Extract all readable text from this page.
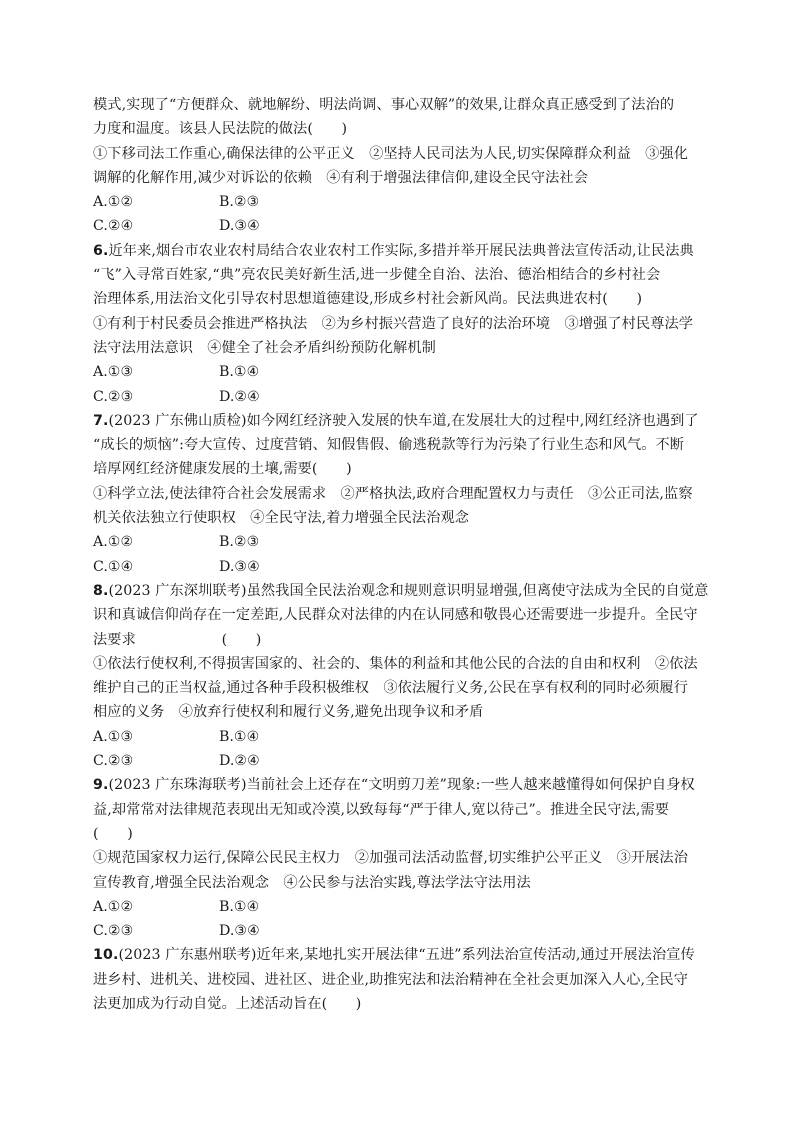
模式,实现了“方便群众、就地解纷、明法尚调、事心双解”的效果,让群众真正感受到了法治的
力度和温度。该县人民法院的做法(　　)
①下移司法工作重心,确保法律的公平正义　②坚持人民司法为人民,切实保障群众利益　③强化
调解的化解作用,减少对诉讼的依赖　④有利于增强法律信仰,建设全民守法社会
A.①②	B.②③
C.②④	D.③④
6.近年来,烟台市农业农村局结合农业农村工作实际,多措并举开展民法典普法宣传活动,让民法典
“飞”入寻常百姓家,“典”亮农民美好新生活,进一步健全自治、法治、德治相结合的乡村社会
治理体系,用法治文化引导农村思想道德建设,形成乡村社会新风尚。民法典进农村(　　)
①有利于村民委员会推进严格执法　②为乡村振兴营造了良好的法治环境　③增强了村民尊法学
法守法用法意识　④健全了社会矛盾纠纷预防化解机制
A.①③	B.①④
C.②③	D.②④
7.(2023 广东佛山质检)如今网红经济驶入发展的快车道,在发展壮大的过程中,网红经济也遇到了
“成长的烦恼”:夸大宣传、过度营销、知假售假、偷逃税款等行为污染了行业生态和风气。不断
培厚网红经济健康发展的土壤,需要(　　)
①科学立法,使法律符合社会发展需求　②严格执法,政府合理配置权力与责任　③公正司法,监察
机关依法独立行使职权　④全民守法,着力增强全民法治观念
A.①②	B.②③
C.①④	D.③④
8.(2023 广东深圳联考)虽然我国全民法治观念和规则意识明显增强,但离使守法成为全民的自觉意
识和真诚信仰尚存在一定差距,人民群众对法律的内在认同感和敬畏心还需要进一步提升。全民守
法要求　　　　　　(　　)
①依法行使权利,不得损害国家的、社会的、集体的利益和其他公民的合法的自由和权利　②依法
维护自己的正当权益,通过各种手段积极维权　③依法履行义务,公民在享有权利的同时必须履行
相应的义务　④放弃行使权利和履行义务,避免出现争议和矛盾
A.①③	B.①④
C.②③	D.②④
9.(2023 广东珠海联考)当前社会上还存在“文明剪刀差”现象:一些人越来越懂得如何保护自身权
益,却常常对法律规范表现出无知或冷漠,以致每每“严于律人,宽以待己”。推进全民守法,需要
(　　)
①规范国家权力运行,保障公民民主权力　②加强司法活动监督,切实维护公平正义　③开展法治
宣传教育,增强全民法治观念　④公民参与法治实践,尊法学法守法用法
A.①②	B.①④
C.②③	D.③④
10.(2023 广东惠州联考)近年来,某地扎实开展法律“五进”系列法治宣传活动,通过开展法治宣传
进乡村、进机关、进校园、进社区、进企业,助推宪法和法治精神在全社会更加深入人心,全民守
法更加成为行动自觉。上述活动旨在(　　)
